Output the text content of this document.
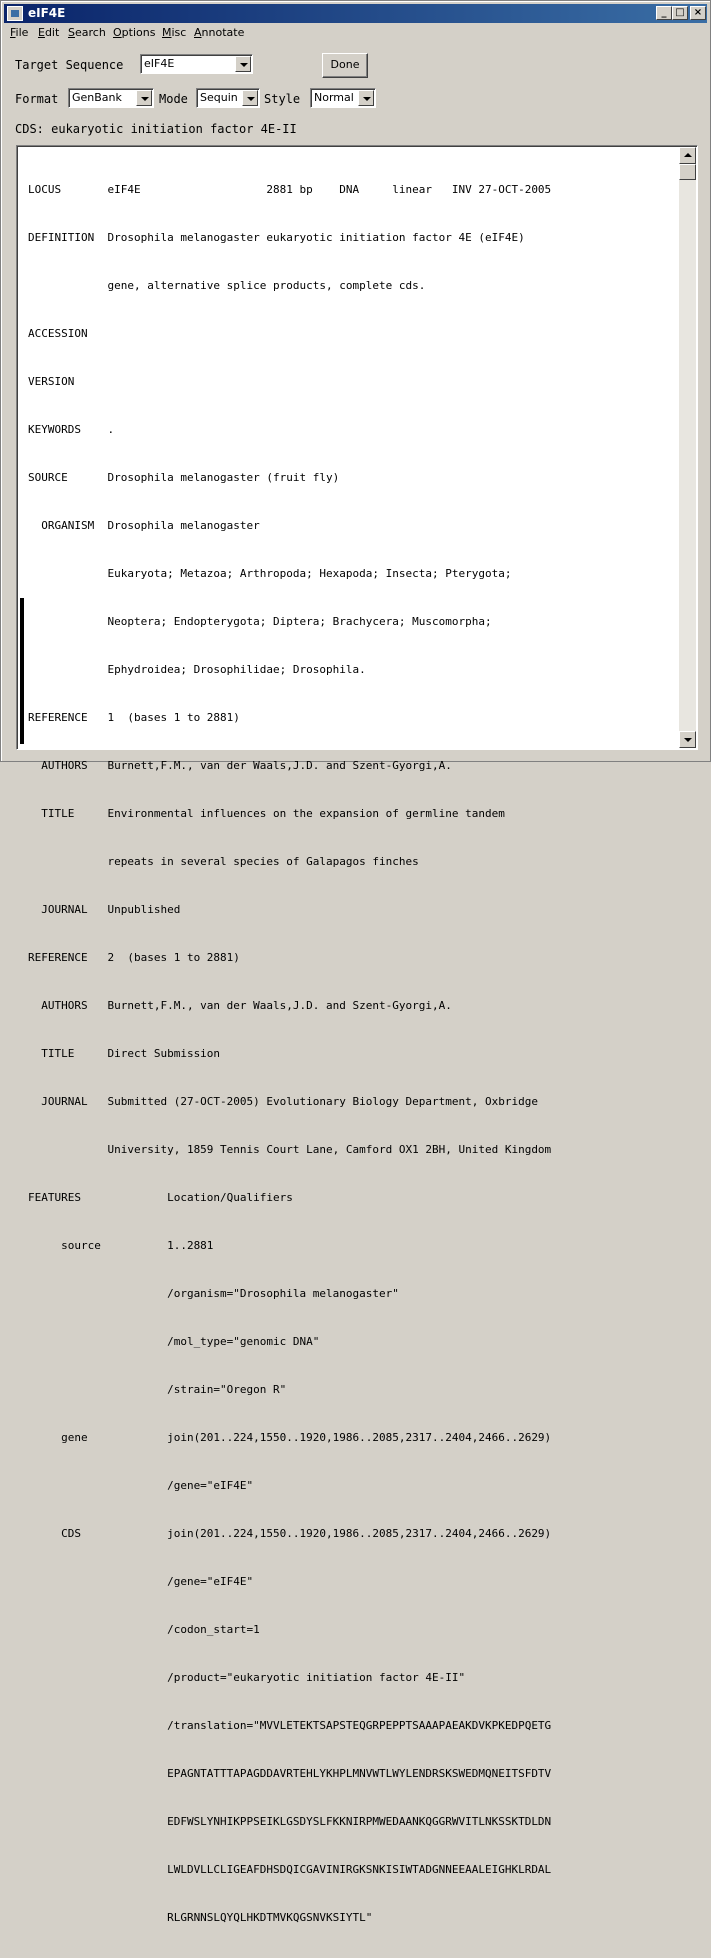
eIF4E	_ □ ×
File Edit Search Options Misc Annotate
Target Sequence eIF4E	Done
Format GenBank	Mode Sequin Style Normal
CDS: eukaryotic initiation factor 4E-II

LOCUS       eIF4E                   2881 bp    DNA     linear   INV 27-OCT-2005

DEFINITION  Drosophila melanogaster eukaryotic initiation factor 4E (eIF4E)

gene, alternative splice products, complete cds.

ACCESSION

VERSION

KEYWORDS    .

SOURCE      Drosophila melanogaster (fruit fly)

ORGANISM  Drosophila melanogaster

Eukaryota; Metazoa; Arthropoda; Hexapoda; Insecta; Pterygota;

Neoptera; Endopterygota; Diptera; Brachycera; Muscomorpha;

Ephydroidea; Drosophilidae; Drosophila.

REFERENCE   1  (bases 1 to 2881)

AUTHORS   Burnett,F.M., van der Waals,J.D. and Szent-Gyorgi,A.

TITLE     Environmental influences on the expansion of germline tandem

repeats in several species of Galapagos finches

JOURNAL   Unpublished

REFERENCE   2  (bases 1 to 2881)

AUTHORS   Burnett,F.M., van der Waals,J.D. and Szent-Gyorgi,A.

TITLE     Direct Submission

JOURNAL   Submitted (27-OCT-2005) Evolutionary Biology Department, Oxbridge

University, 1859 Tennis Court Lane, Camford OX1 2BH, United Kingdom

FEATURES             Location/Qualifiers

source          1..2881

/organism="Drosophila melanogaster"

/mol_type="genomic DNA"

/strain="Oregon R"

gene            join(201..224,1550..1920,1986..2085,2317..2404,2466..2629)

/gene="eIF4E"

CDS             join(201..224,1550..1920,1986..2085,2317..2404,2466..2629)

/gene="eIF4E"

/codon_start=1

/product="eukaryotic initiation factor 4E-II"

/translation="MVVLETEKTSAPSTEQGRPEPPTSAAAPAEAKDVKPKEDPQETG

EPAGNTATTTAPAGDDAVRTEHLYKHPLMNVWTLWYLENDRSKSWEDMQNEITSFDTV

EDFWSLYNHIKPPSEIKLGSDYSLFKKNIRPMWEDAANKQGGRWVITLNKSSKTDLDN

LWLDVLLCLIGEAFDHSDQICGAVINIRGKSNKISIWTADGNNEEAALEIGHKLRDAL

RLGRNNSLQYQLHKDTMVKQGSNVKSIYTL"
